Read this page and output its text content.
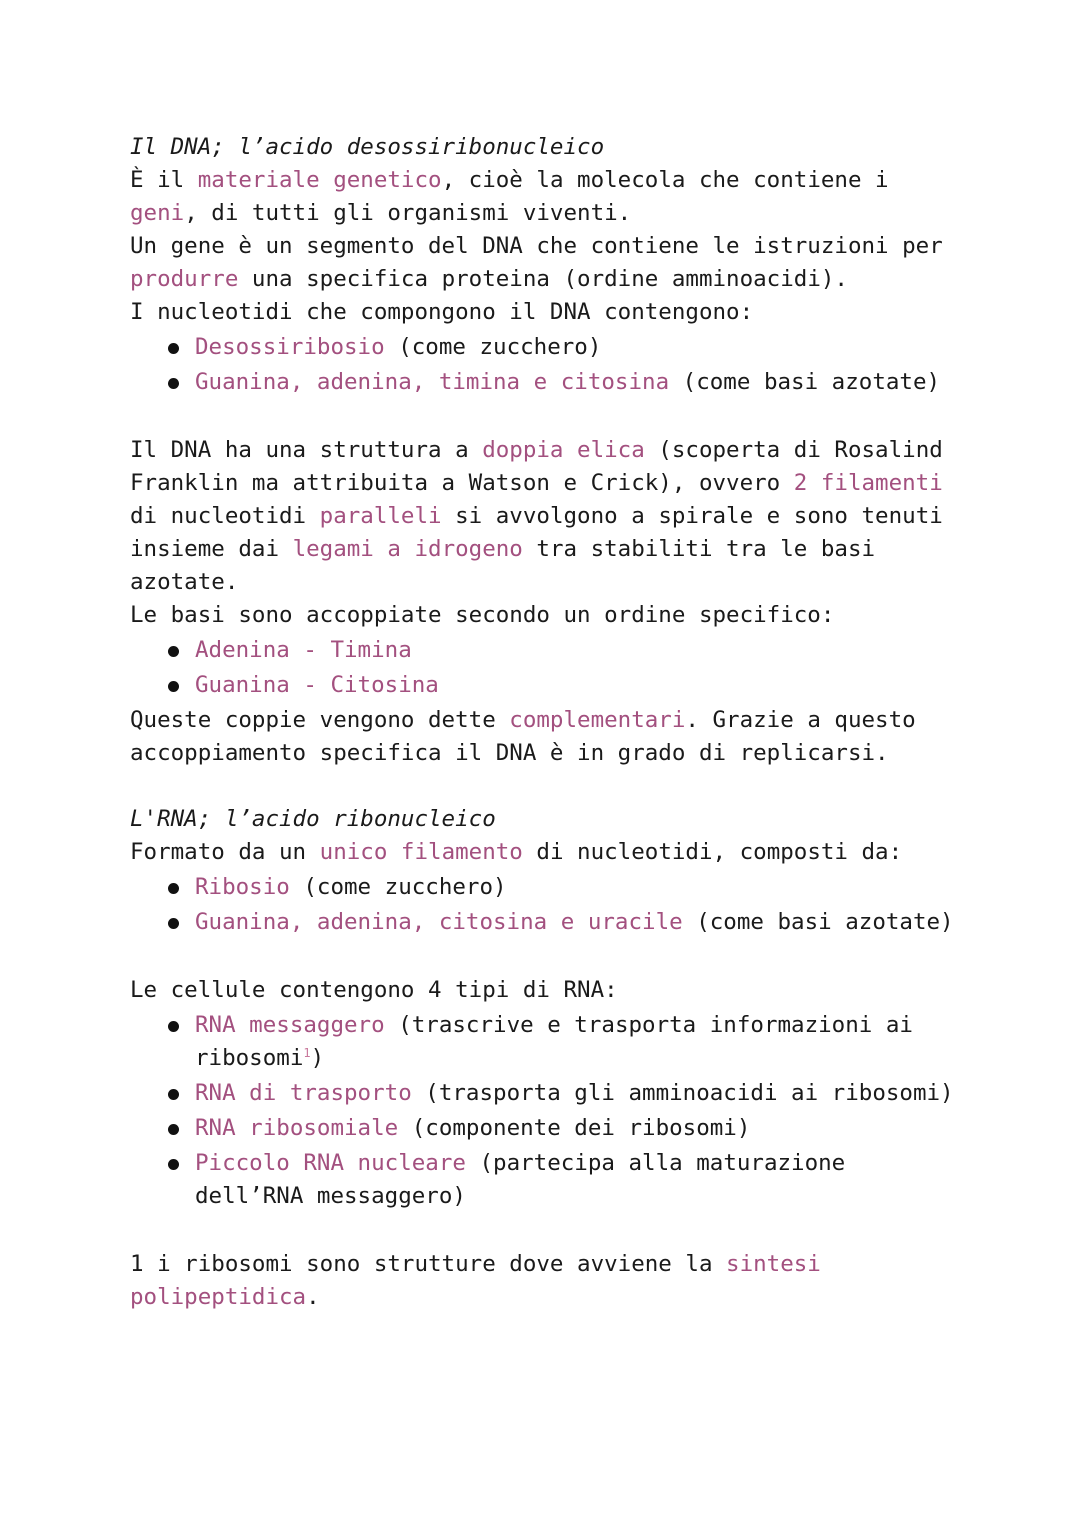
Il DNA; l’acido desossiribonucleico

È il materiale genetico, cioè la molecola che contiene i geni, di tutti gli organismi viventi.

Un gene è un segmento del DNA che contiene le istruzioni per produrre una specifica proteina (ordine amminoacidi).

I nucleotidi che compongono il DNA contengono:

Desossiribosio (come zucchero)
Guanina, adenina, timina e citosina (come basi azotate)

Il DNA ha una struttura a doppia elica (scoperta di Rosalind Franklin ma attribuita a Watson e Crick), ovvero 2 filamenti di nucleotidi paralleli si avvolgono a spirale e sono tenuti insieme dai legami a idrogeno tra stabiliti tra le basi azotate.

Le basi sono accoppiate secondo un ordine specifico:

Adenina - Timina
Guanina - Citosina

Queste coppie vengono dette complementari. Grazie a questo accoppiamento specifica il DNA è in grado di replicarsi.

L'RNA; l’acido ribonucleico

Formato da un unico filamento di nucleotidi, composti da:

Ribosio (come zucchero)
Guanina, adenina, citosina e uracile (come basi azotate)

Le cellule contengono 4 tipi di RNA:

RNA messaggero (trascrive e trasporta informazioni ai ribosomi$^1$)
RNA di trasporto (trasporta gli amminoacidi ai ribosomi)
RNA ribosomiale (componente dei ribosomi)
Piccolo RNA nucleare (partecipa alla maturazione dell’RNA messaggero)

1 i ribosomi sono strutture dove avviene la sintesi polipeptidica.
